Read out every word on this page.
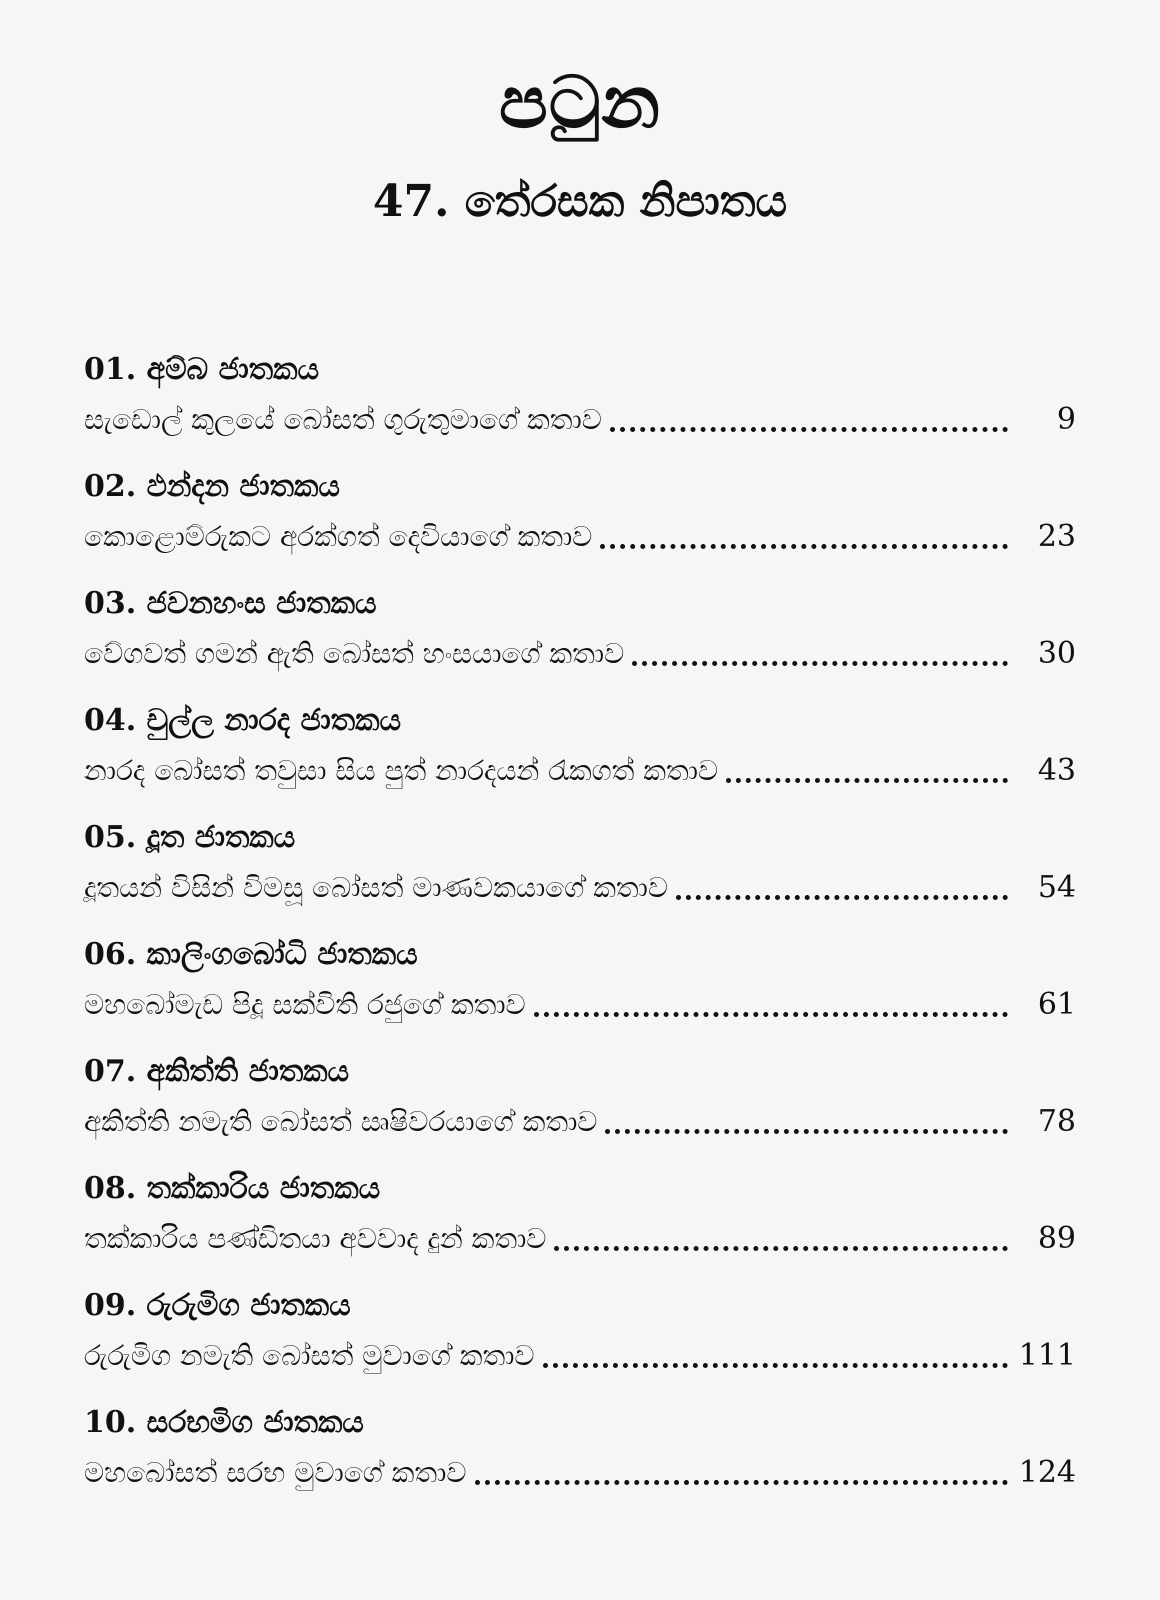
පටුන
47. තේරසක නිපාතය
01. අම්බ ජාතකය
සැඩොල් කුලයේ බෝසත් ගුරුතුමාගේ කතාව	9
02. ඵන්දන ජාතකය
කොළොම්රුකට අරක්ගත් දෙවියාගේ කතාව	23
03. ජවනහංස ජාතකය
වේගවත් ගමන් ඇති බෝසත් හංසයාගේ කතාව	30
04. චුල්ල නාරද ජාතකය
නාරද බෝසත් තවුසා සිය පුත් නාරදයන් රැකගත් කතාව	43
05. දූත ජාතකය
දූතයන් විසින් විමසූ බෝසත් මාණවකයාගේ කතාව	54
06. කාලිංගබෝධි ජාතකය
මහබෝමැඩ පිදූ සක්විති රජුගේ කතාව	61
07. අකිත්ති ජාතකය
අකිත්ති නමැති බෝසත් ඍෂිවරයාගේ කතාව	78
08. තක්කාරිය ජාතකය
තක්කාරිය පණ්ඩිතයා අවවාද දුන් කතාව	89
09. රුරුමිග ජාතකය
රුරුමිග නමැති බෝසත් මුවාගේ කතාව	111
10. සරභමිග ජාතකය
මහබෝසත් සරභ මුවාගේ කතාව	124
